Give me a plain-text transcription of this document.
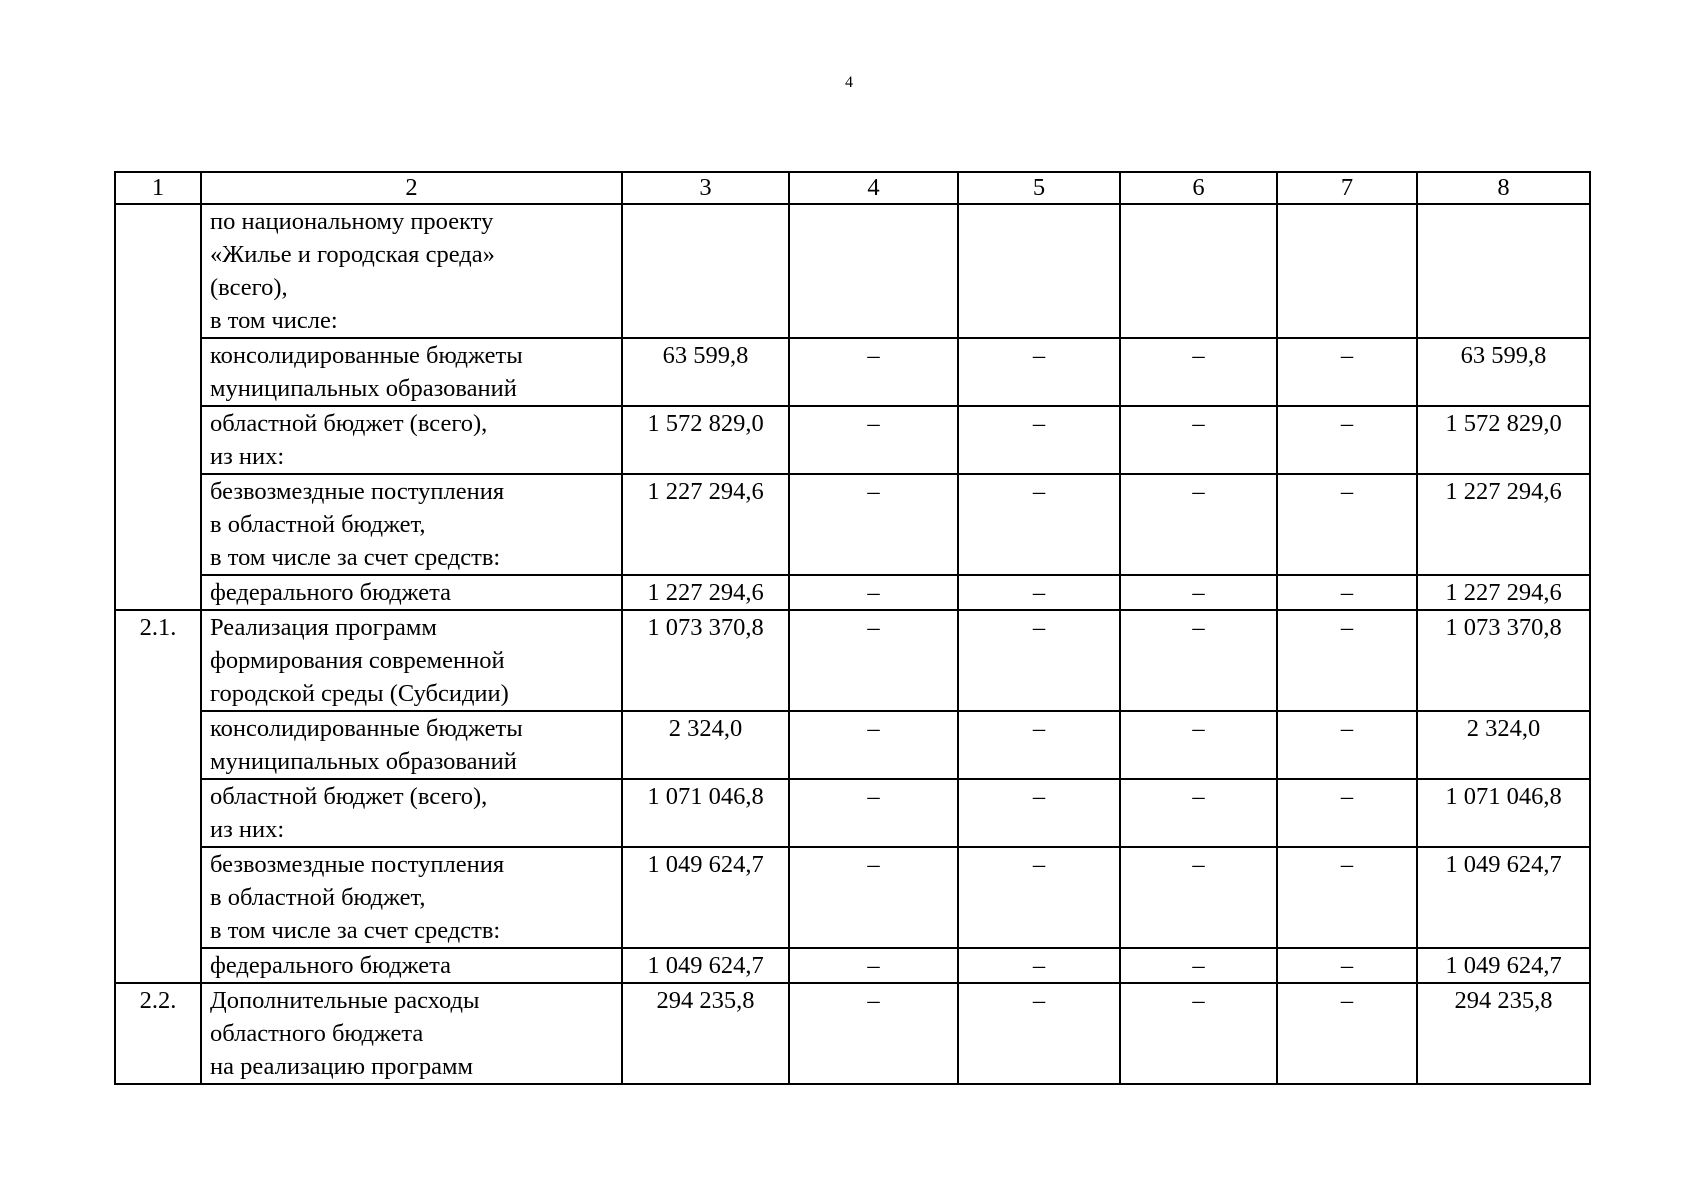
4
1	2	3	4	5	6	7	8

	по национальному проекту
«Жилье и городская среда»
(всего),
в том числе:						

	консолидированные бюджеты
муниципальных образований	63 599,8	–	–	–	–	63 599,8

	областной бюджет (всего),
из них:	1 572 829,0	–	–	–	–	1 572 829,0

	безвозмездные поступления
в областной бюджет,
в том числе за счет средств:	1 227 294,6	–	–	–	–	1 227 294,6

	федерального бюджета	1 227 294,6	–	–	–	–	1 227 294,6
2.1.	Реализация программ
формирования современной
городской среды (Субсидии)	1 073 370,8	–	–	–	–	1 073 370,8

	консолидированные бюджеты
муниципальных образований	2 324,0	–	–	–	–	2 324,0

	областной бюджет (всего),
из них:	1 071 046,8	–	–	–	–	1 071 046,8

	безвозмездные поступления
в областной бюджет,
в том числе за счет средств:	1 049 624,7	–	–	–	–	1 049 624,7

	федерального бюджета	1 049 624,7	–	–	–	–	1 049 624,7
2.2.	Дополнительные расходы
областного бюджета
на реализацию программ	294 235,8	–	–	–	–	294 235,8
